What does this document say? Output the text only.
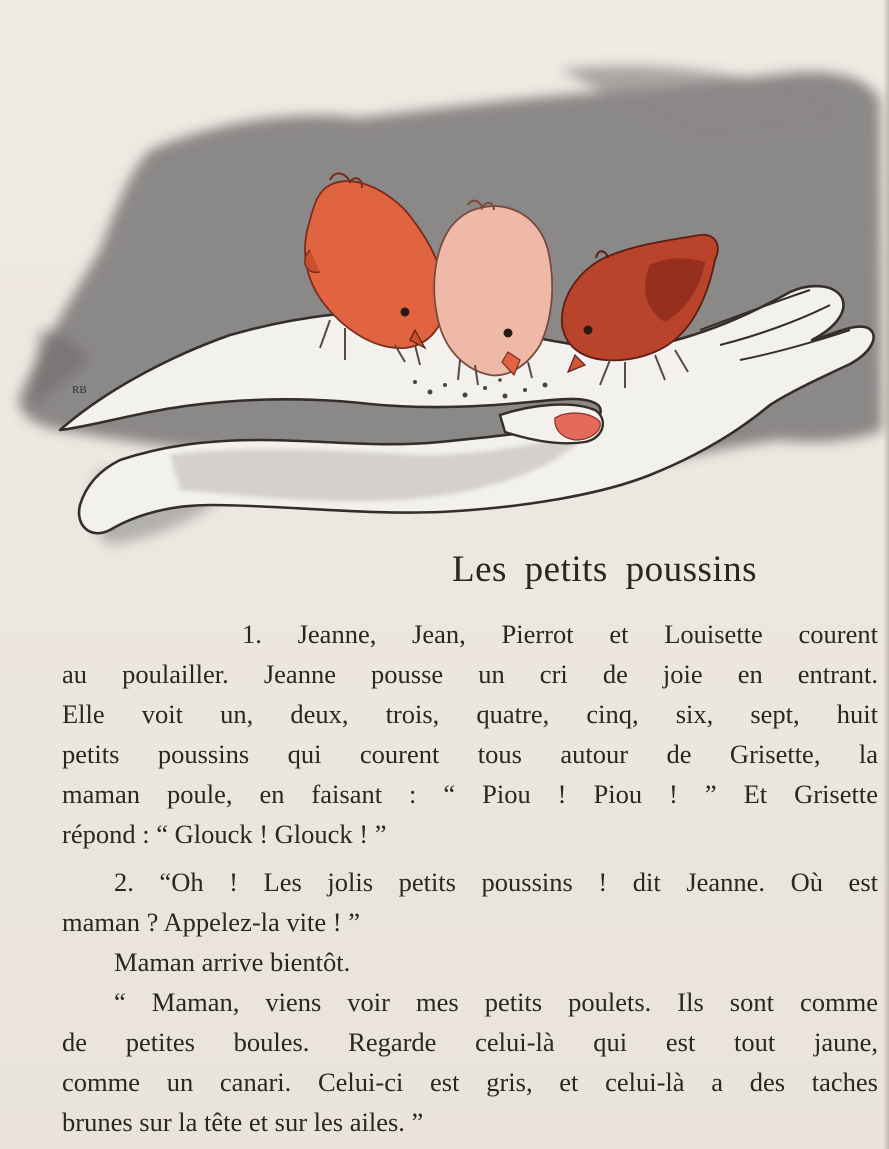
RB
Les petits poussins
1. Jeanne, Jean, Pierrot et Louisette courent
au poulailler. Jeanne pousse un cri de joie en entrant.
Elle voit un, deux, trois, quatre, cinq, six, sept, huit
petits poussins qui courent tous autour de Grisette, la
maman poule, en faisant : “ Piou ! Piou ! ” Et Grisette
répond : “ Glouck ! Glouck ! ”
2. “Oh ! Les jolis petits poussins ! dit Jeanne. Où est
maman ? Appelez-la vite ! ”
Maman arrive bientôt.
“ Maman, viens voir mes petits poulets. Ils sont comme
de petites boules. Regarde celui-là qui est tout jaune,
comme un canari. Celui-ci est gris, et celui-là a des taches
brunes sur la tête et sur les ailes. ”
